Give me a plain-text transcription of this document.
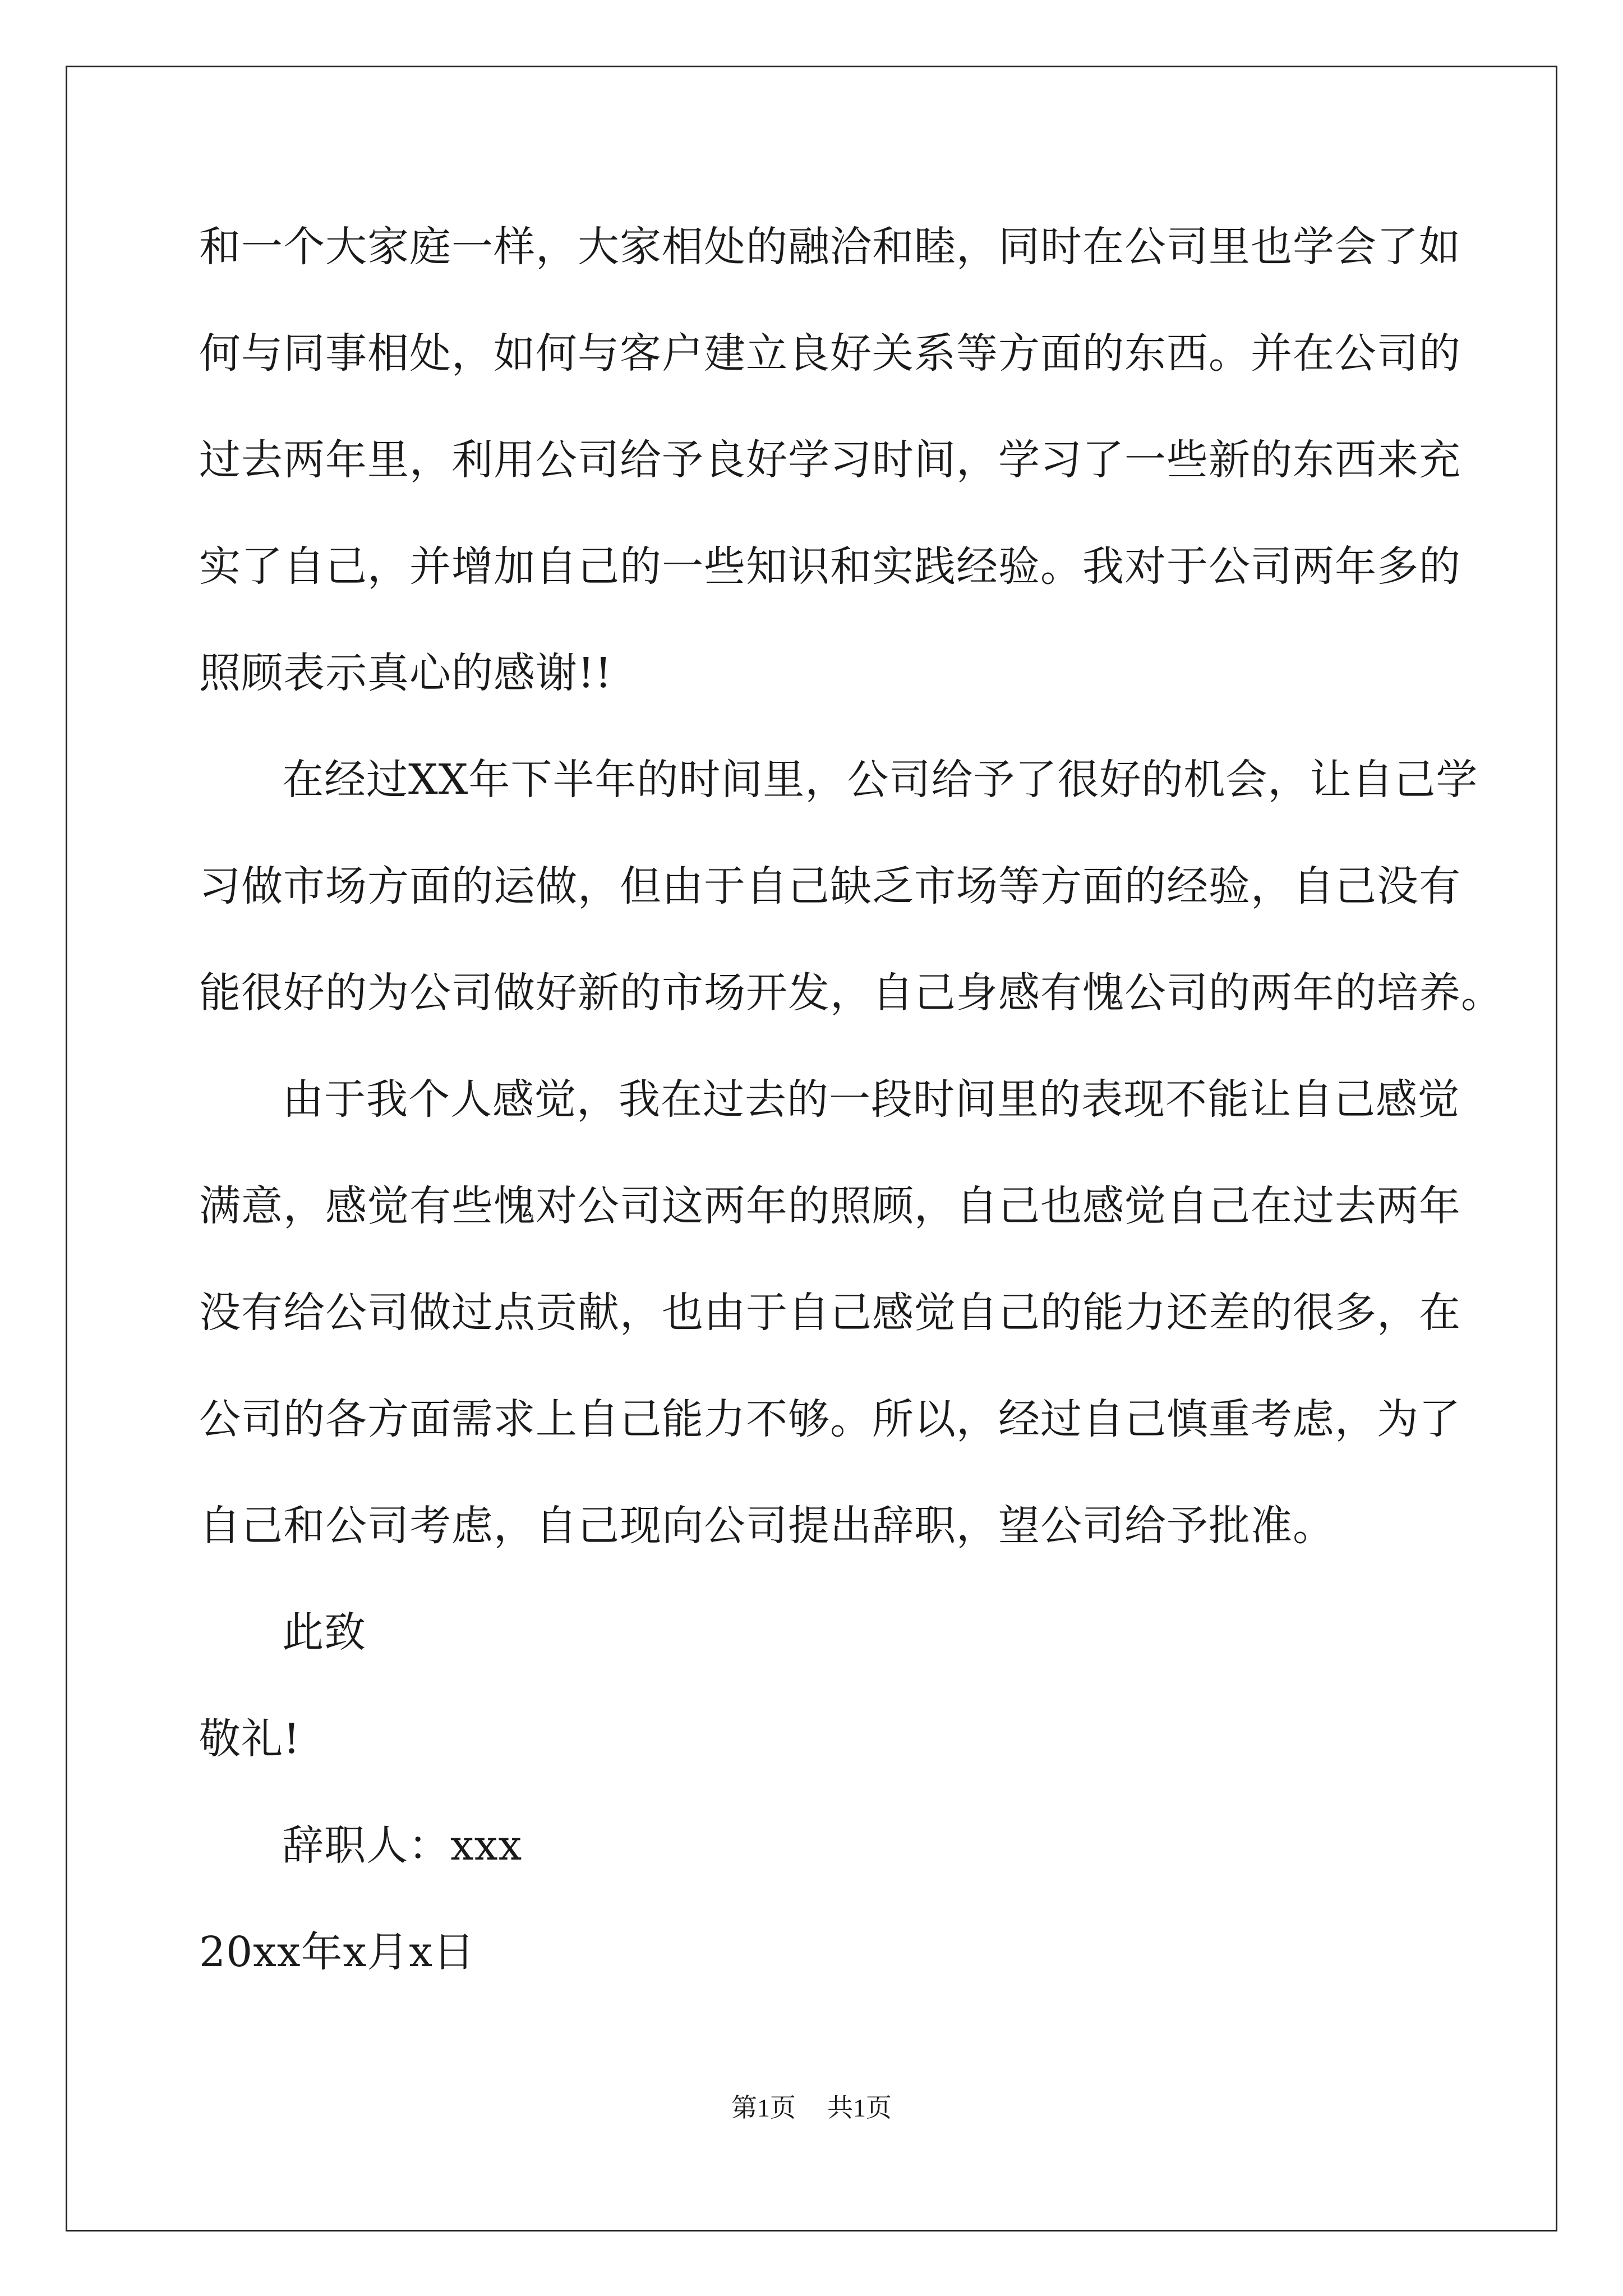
和一个大家庭一样，大家相处的融洽和睦，同时在公司里也学会了如
何与同事相处，如何与客户建立良好关系等方面的东西。并在公司的
过去两年里，利用公司给予良好学习时间，学习了一些新的东西来充
实了自己，并增加自己的一些知识和实践经验。我对于公司两年多的
照顾表示真心的感谢!!
在经过XX年下半年的时间里，公司给予了很好的机会，让自己学
习做市场方面的运做，但由于自己缺乏市场等方面的经验，自己没有
能很好的为公司做好新的市场开发，自己身感有愧公司的两年的培养。
由于我个人感觉，我在过去的一段时间里的表现不能让自己感觉
满意，感觉有些愧对公司这两年的照顾，自己也感觉自己在过去两年
没有给公司做过点贡献，也由于自己感觉自己的能力还差的很多，在
公司的各方面需求上自己能力不够。所以，经过自己慎重考虑，为了
自己和公司考虑，自己现向公司提出辞职，望公司给予批准。
此致
敬礼!
辞职人：xxx
20xx年x月x日
第1页 共1页
